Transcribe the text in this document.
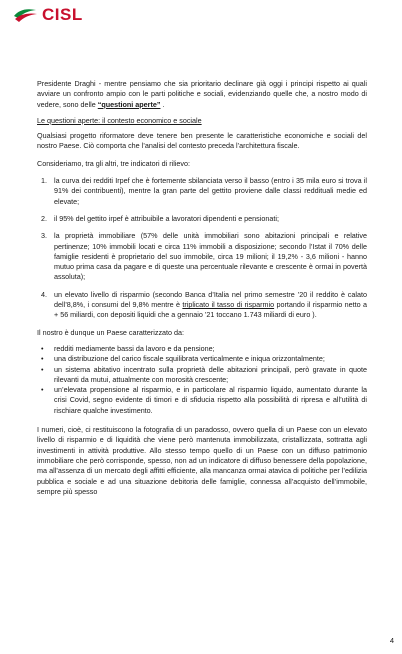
CISL

Presidente Draghi - mentre pensiamo che sia prioritario declinare già oggi i principi rispetto ai quali avviare un confronto ampio con le parti politiche e sociali, evidenziando quelle che, a nostro modo di vedere, sono delle “questioni aperte” .

Le questioni aperte: il contesto economico e sociale

Qualsiasi progetto riformatore deve tenere ben presente le caratteristiche economiche e sociali del nostro Paese. Ciò comporta che l’analisi del contesto preceda l’architettura fiscale.

Consideriamo, tra gli altri, tre indicatori di rilievo:

1. la curva dei redditi Irpef che è fortemente sbilanciata verso il basso (entro i 35 mila euro si trova il 91% dei contribuenti), mentre la gran parte del gettito proviene dalle classi reddituali medie ed elevate;
2. il 95% del gettito irpef è attribuibile a lavoratori dipendenti e pensionati;
3. la proprietà immobiliare (57% delle unità immobiliari sono abitazioni principali e relative pertinenze; 10% immobili locati e circa 11% immobili a disposizione; secondo l’Istat il 70% delle famiglie residenti è proprietario del suo immobile, circa 19 milioni; il 19,2% - 3,6 milioni - hanno mutuo prima casa da pagare e di queste una percentuale rilevante e crescente è ormai in povertà assoluta);
4. un elevato livello di risparmio (secondo Banca d’Italia nel primo semestre ’20 il reddito è calato dell’8,8%, i consumi del 9,8% mentre è triplicato il tasso di risparmio portando il risparmio netto a + 56 miliardi, con depositi liquidi che a gennaio ’21 toccano 1.743 miliardi di euro ).

Il nostro è dunque un Paese caratterizzato da:

• redditi mediamente bassi da lavoro e da pensione;
• una distribuzione del carico fiscale squilibrata verticalmente e iniqua orizzontalmente;
• un sistema abitativo incentrato sulla proprietà delle abitazioni principali, però gravate in quote rilevanti da mutui, attualmente con morosità crescente;
• un’elevata propensione al risparmio, e in particolare al risparmio liquido, aumentato durante la crisi Covid, segno evidente di timori e di sfiducia rispetto alla possibilità di ripresa e all’utilità di rischiare qualche investimento.

I numeri, cioè, ci restituiscono la fotografia di un paradosso, ovvero quella di un Paese con un elevato livello di risparmio e di liquidità che viene però mantenuta immobilizzata, cristallizzata, sottratta agli investimenti in attività produttive. Allo stesso tempo quello di un Paese con un diffuso patrimonio immobiliare che però corrisponde, spesso, non ad un indicatore di diffuso benessere della popolazione, ma all’assenza di un mercato degli affitti efficiente, alla mancanza ormai atavica di politiche per l’edilizia pubblica e sociale e ad una situazione debitoria delle famiglie, connessa all’acquisto dell’immobile, sempre più spesso

4
